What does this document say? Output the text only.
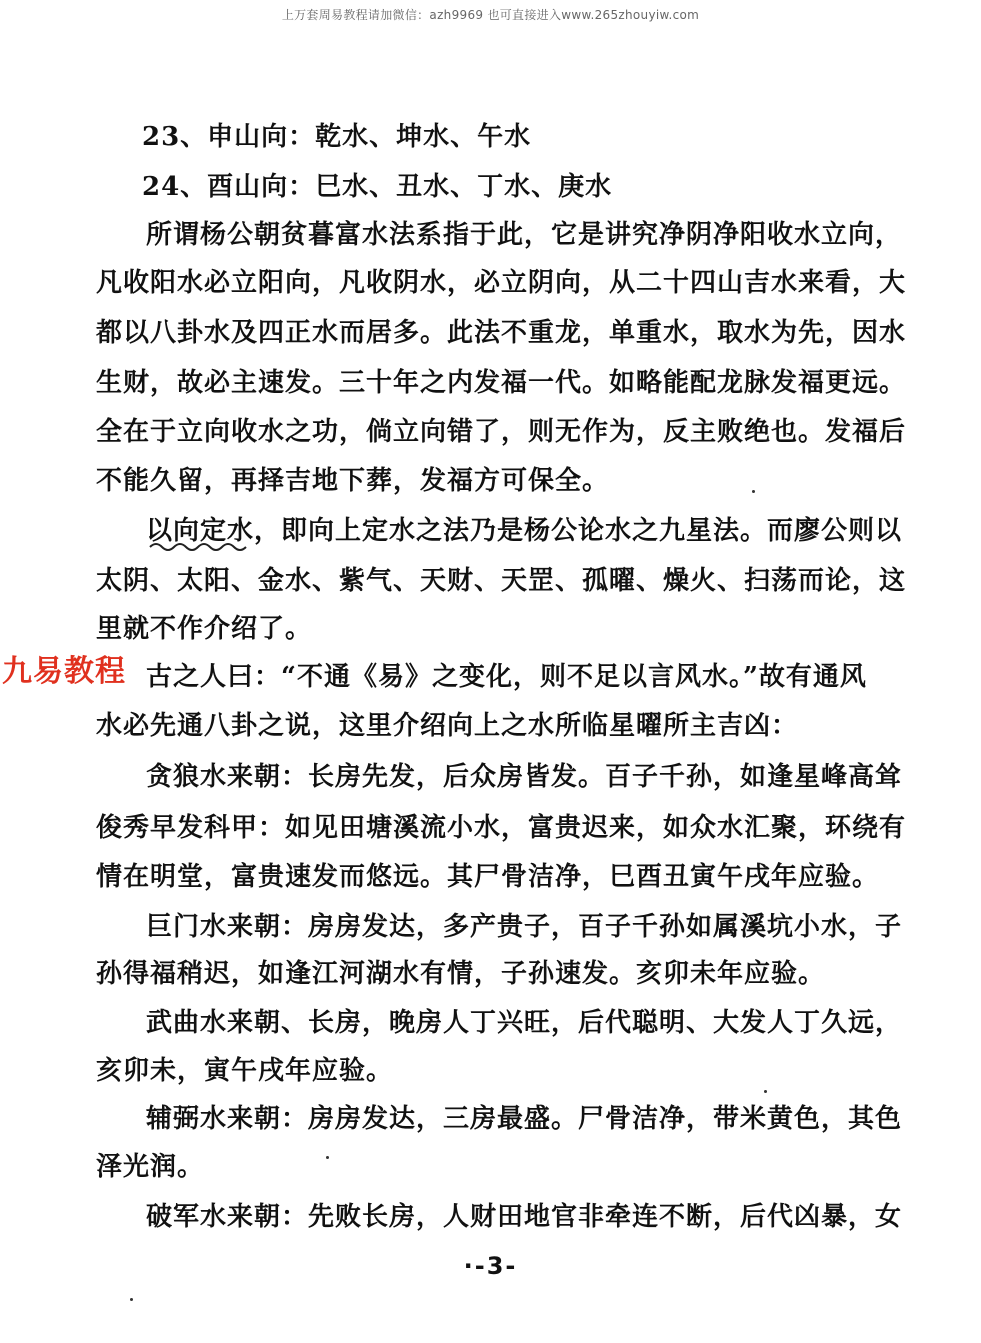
上万套周易教程请加微信：azh9969 也可直接进入www.265zhouyiw.com
23、申山向：乾水、坤水、午水
24、酉山向：巳水、丑水、丁水、庚水
所谓杨公朝贫暮富水法系指于此，它是讲究净阴净阳收水立向，
凡收阳水必立阳向，凡收阴水，必立阴向，从二十四山吉水来看，大
都以八卦水及四正水而居多。此法不重龙，单重水，取水为先，因水
生财，故必主速发。三十年之内发福一代。如略能配龙脉发福更远。
全在于立向收水之功，倘立向错了，则无作为，反主败绝也。发福后
不能久留，再择吉地下葬，发福方可保全。
以向定水，即向上定水之法乃是杨公论水之九星法。而廖公则以
太阴、太阳、金水、紫气、天财、天罡、孤曜、燥火、扫荡而论，这
里就不作介绍了。
九易教程 古之人曰：“不通《易》之变化，则不足以言风水。”故有通风
水必先通八卦之说，这里介绍向上之水所临星曜所主吉凶：
贪狼水来朝：长房先发，后众房皆发。百子千孙，如逢星峰高耸
俊秀早发科甲：如见田塘溪流小水，富贵迟来，如众水汇聚，环绕有
情在明堂，富贵速发而悠远。其尸骨洁净，巳酉丑寅午戌年应验。
巨门水来朝：房房发达，多产贵子，百子千孙如属溪坑小水，子
孙得福稍迟，如逢江河湖水有情，子孙速发。亥卯未年应验。
武曲水来朝、长房，晚房人丁兴旺，后代聪明、大发人丁久远，
亥卯未，寅午戌年应验。
辅弼水来朝：房房发达，三房最盛。尸骨洁净，带米黄色，其色
泽光润。
破军水来朝：先败长房，人财田地官非牵连不断，后代凶暴，女
·-3-
